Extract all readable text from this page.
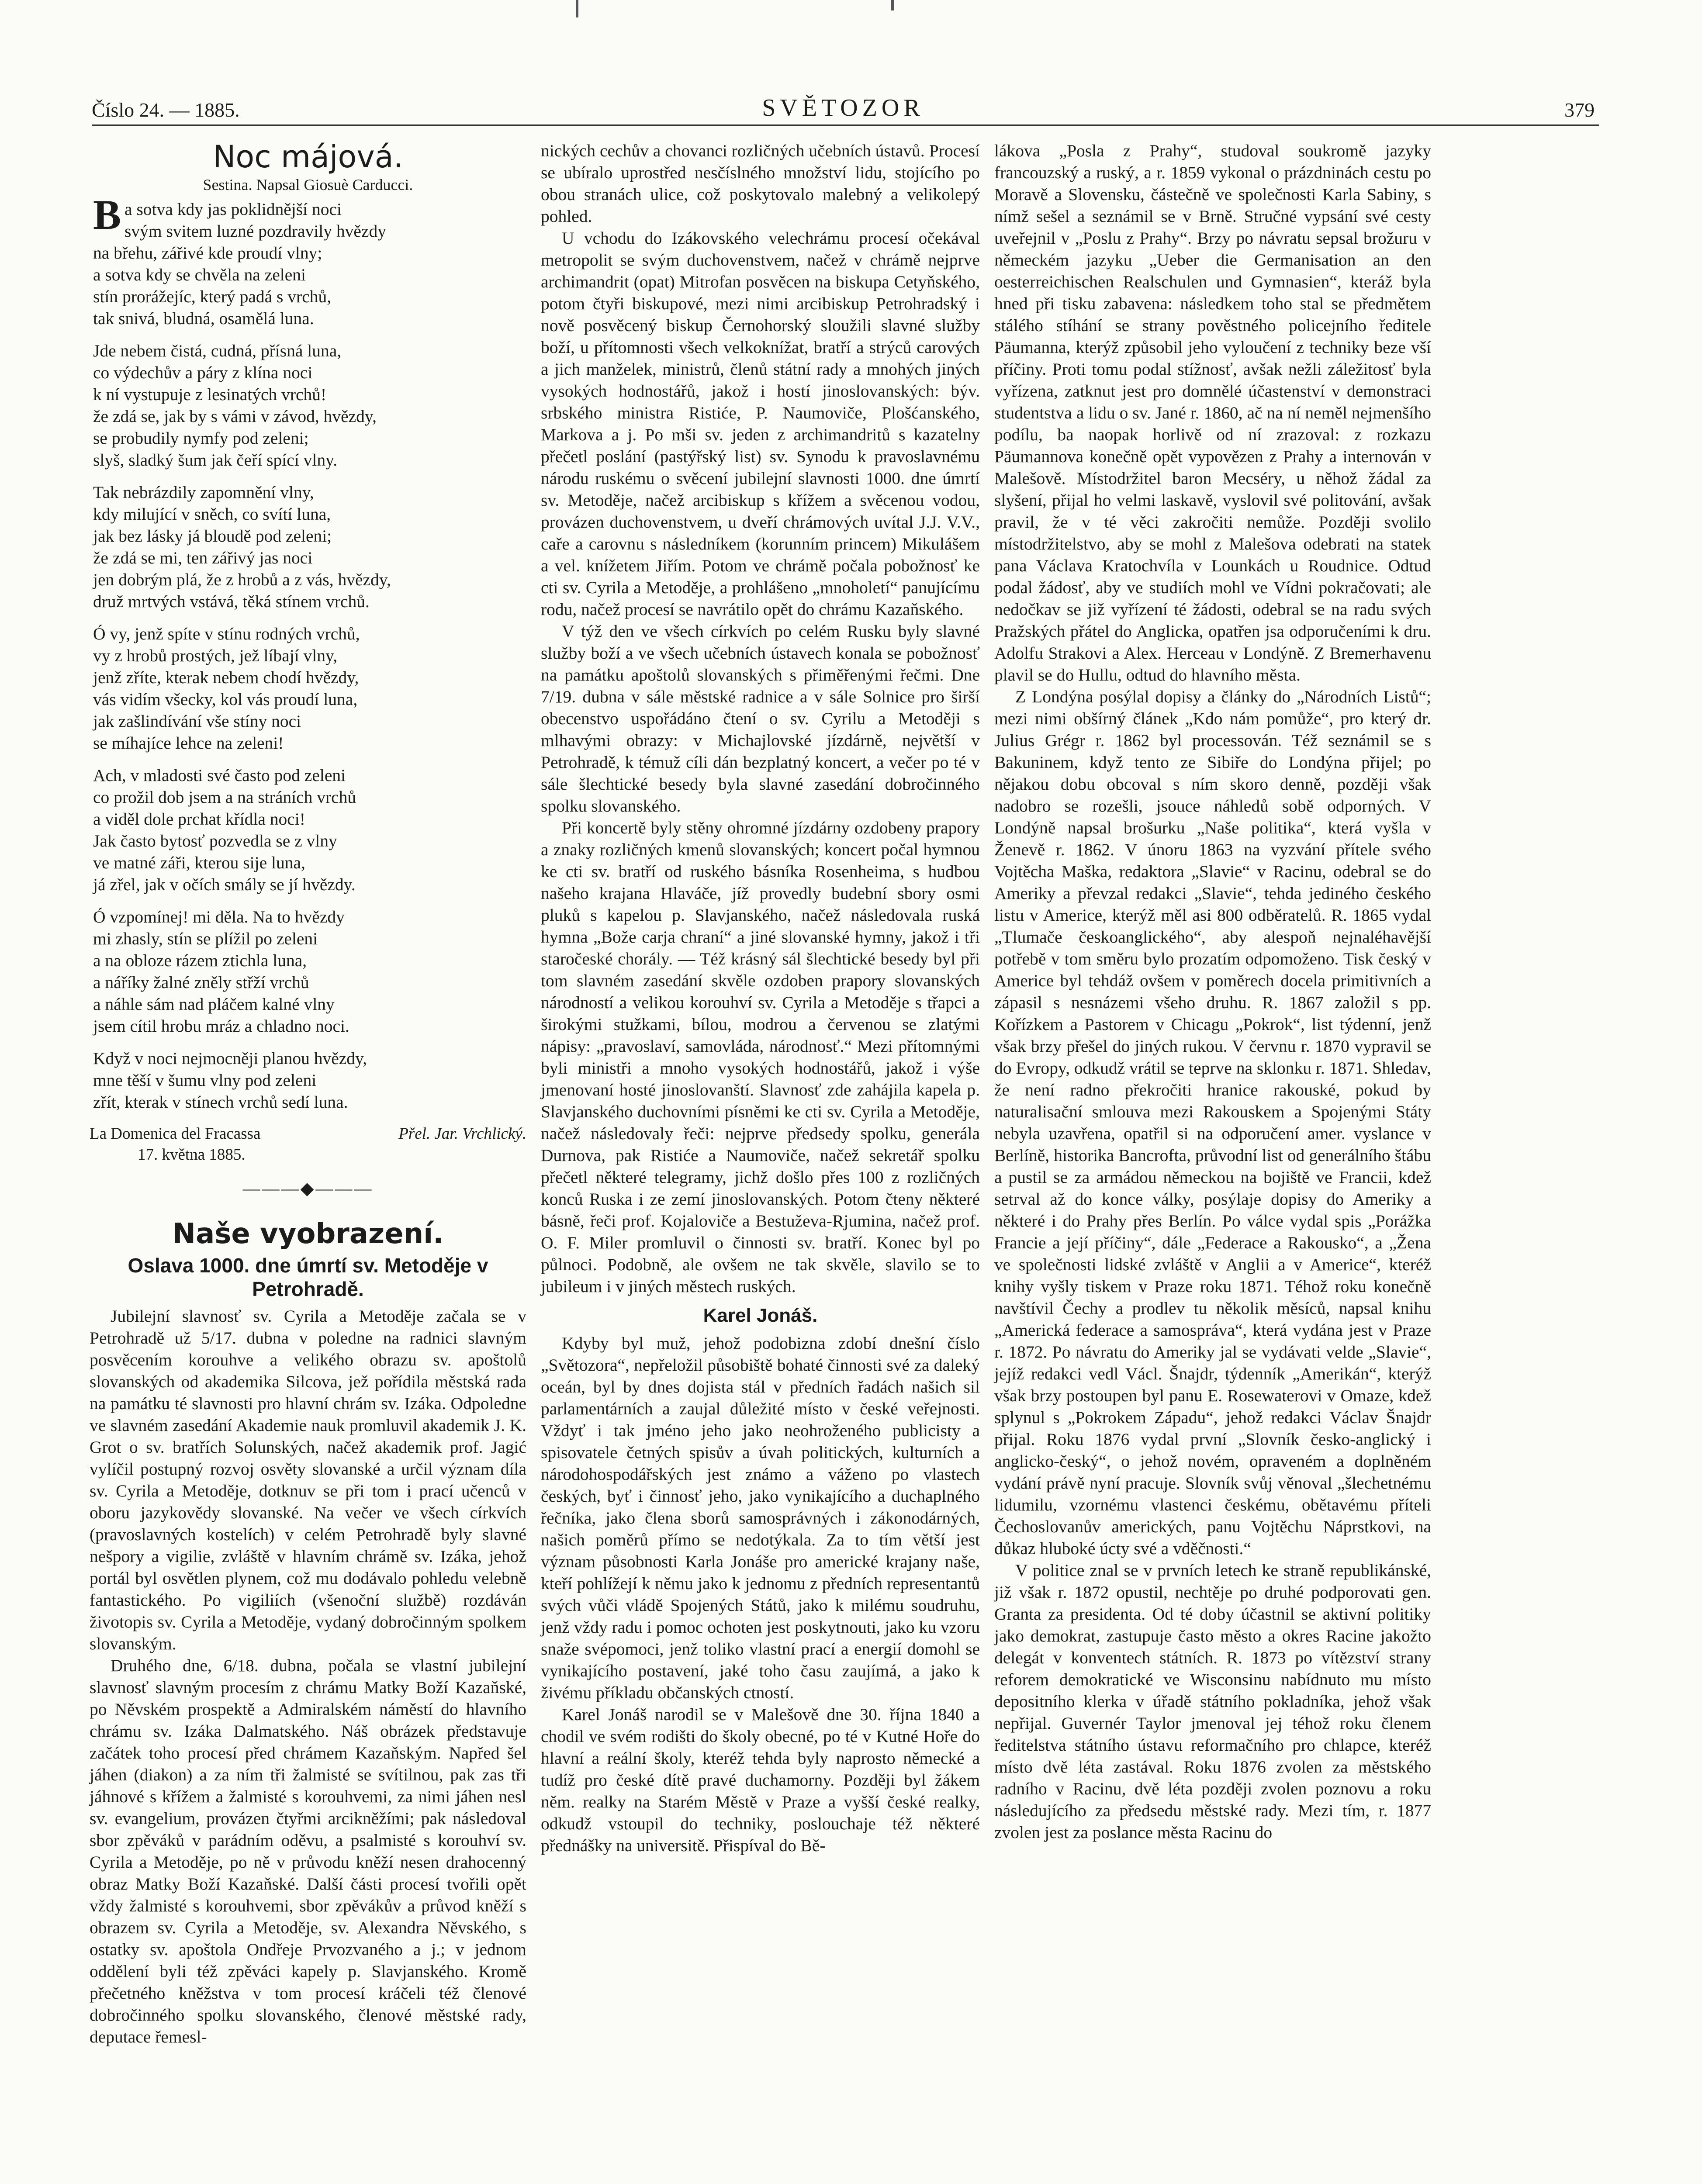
Číslo 24. — 1885.	SVĚTOZOR	379
Noc májová.
Sestina. Napsal Giosuè Carducci.
Ba sotva kdy jas poklidnější noci
svým svitem luzné pozdravily hvězdy
na břehu, zářivé kde proudí vlny;
a sotva kdy se chvěla na zeleni
stín prorážejíc, který padá s vrchů,
tak snivá, bludná, osamělá luna.
Jde nebem čistá, cudná, přísná luna,
co výdechův a páry z klína noci
k ní vystupuje z lesinatých vrchů!
že zdá se, jak by s vámi v závod, hvězdy,
se probudily nymfy pod zeleni;
slyš, sladký šum jak čeří spící vlny.
Tak nebrázdily zapomnění vlny,
kdy milující v sněch, co svítí luna,
jak bez lásky já bloudě pod zeleni;
že zdá se mi, ten zářivý jas noci
jen dobrým plá, že z hrobů a z vás, hvězdy,
druž mrtvých vstává, těká stínem vrchů.
Ó vy, jenž spíte v stínu rodných vrchů,
vy z hrobů prostých, jež líbají vlny,
jenž zříte, kterak nebem chodí hvězdy,
vás vidím všecky, kol vás proudí luna,
jak zašlindívání vše stíny noci
se míhajíce lehce na zeleni!
Ach, v mladosti své často pod zeleni
co prožil dob jsem a na stráních vrchů
a viděl dole prchat křídla noci!
Jak často bytosť pozvedla se z vlny
ve matné záři, kterou sije luna,
já zřel, jak v očích smály se jí hvězdy.
Ó vzpomínej! mi děla. Na to hvězdy
mi zhasly, stín se plížil po zeleni
a na obloze rázem ztichla luna,
a náříky žalné zněly střží vrchů
a náhle sám nad pláčem kalné vlny
jsem cítil hrobu mráz a chladno noci.
Když v noci nejmocněji planou hvězdy,
mne těší v šumu vlny pod zeleni
zřít, kterak v stínech vrchů sedí luna.
La Domenica del Fracassa	Přel. Jar. Vrchlický.
17. května 1885.
———◆———
Naše vyobrazení.
Oslava 1000. dne úmrtí sv. Metoděje v Petrohradě.

Jubilejní slavnosť sv. Cyrila a Metoděje začala se v Petrohradě už 5/17. dubna v poledne na radnici slavným posvěcením korouhve a velikého obrazu sv. apoštolů slovanských od akademika Silcova, jež pořídila městská rada na památku té slavnosti pro hlavní chrám sv. Izáka. Odpoledne ve slavném zasedání Akademie nauk promluvil akademik J. K. Grot o sv. bratřích Solunských, načež akademik prof. Jagić vylíčil postupný rozvoj osvěty slovanské a určil význam díla sv. Cyrila a Metoděje, dotknuv se při tom i prací učenců v oboru jazykovědy slovanské. Na večer ve všech církvích (pravoslavných kostelích) v celém Petrohradě byly slavné nešpory a vigilie, zvláště v hlavním chrámě sv. Izáka, jehož portál byl osvětlen plynem, což mu dodávalo pohledu velebně fantastického. Po vigiliích (všenoční službě) rozdáván životopis sv. Cyrila a Metoděje, vydaný dobročinným spolkem slovanským.

Druhého dne, 6/18. dubna, počala se vlastní jubilejní slavnosť slavným procesím z chrámu Matky Boží Kazaňské, po Něvském prospektě a Admiralském náměstí do hlavního chrámu sv. Izáka Dalmatského. Náš obrázek představuje začátek toho procesí před chrámem Kazaňským. Napřed šel jáhen (diakon) a za ním tři žalmisté se svítilnou, pak zas tři jáhnové s křížem a žalmisté s korouhvemi, za nimi jáhen nesl sv. evangelium, provázen čtyřmi arcikněžími; pak následoval sbor zpěváků v parádním oděvu, a psalmisté s korouhví sv. Cyrila a Metoděje, po ně v průvodu kněží nesen drahocenný obraz Matky Boží Kazaňské. Další části procesí tvořili opět vždy žalmisté s korouhvemi, sbor zpěvákův a průvod kněží s obrazem sv. Cyrila a Metoděje, sv. Alexandra Něvského, s ostatky sv. apoštola Ondřeje Prvozvaného a j.; v jednom oddělení byli též zpěváci kapely p. Slavjanského. Kromě přečetného kněžstva v tom procesí kráčeli též členové dobročinného spolku slovanského, členové městské rady, deputace řemesl-

nických cechův a chovanci rozličných učebních ústavů. Procesí se ubíralo uprostřed nesčíslného množství lidu, stojícího po obou stranách ulice, což poskytovalo malebný a velikolepý pohled.

U vchodu do Izákovského velechrámu procesí očekával metropolit se svým duchovenstvem, načež v chrámě nejprve archimandrit (opat) Mitrofan posvěcen na biskupa Cetyňského, potom čtyři biskupové, mezi nimi arcibiskup Petrohradský i nově posvěcený biskup Černohorský sloužili slavné služby boží, u přítomnosti všech velkoknížat, bratří a strýců carových a jich manželek, ministrů, členů státní rady a mnohých jiných vysokých hodnostářů, jakož i hostí jinoslovanských: býv. srbského ministra Ristiće, P. Naumoviče, Plošćanského, Markova a j. Po mši sv. jeden z archimandritů s kazatelny přečetl poslání (pastýřský list) sv. Synodu k pravoslavnému národu ruskému o svěcení jubilejní slavnosti 1000. dne úmrtí sv. Metoděje, načež arcibiskup s křížem a svěcenou vodou, provázen duchovenstvem, u dveří chrámových uvítal J.J. V.V., caře a carovnu s následníkem (korunním princem) Mikulášem a vel. knížetem Jiřím. Potom ve chrámě počala pobožnosť ke cti sv. Cyrila a Metoděje, a prohlášeno „mnoholetí“ panujícímu rodu, načež procesí se navrátilo opět do chrámu Kazaňského.

V týž den ve všech církvích po celém Rusku byly slavné služby boží a ve všech učebních ústavech konala se pobožnosť na památku apoštolů slovanských s přiměřenými řečmi. Dne 7/19. dubna v sále městské radnice a v sále Solnice pro širší obecenstvo uspořádáno čtení o sv. Cyrilu a Metoději s mlhavými obrazy: v Michajlovské jízdárně, největší v Petrohradě, k témuž cíli dán bezplatný koncert, a večer po té v sále šlechtické besedy byla slavné zasedání dobročinného spolku slovanského.

Při koncertě byly stěny ohromné jízdárny ozdobeny prapory a znaky rozličných kmenů slovanských; koncert počal hymnou ke cti sv. bratří od ruského básníka Rosenheima, s hudbou našeho krajana Hlaváče, jíž provedly budební sbory osmi pluků s kapelou p. Slavjanského, načež následovala ruská hymna „Bože carja chraní“ a jiné slovanské hymny, jakož i tři staročeské chorály. — Též krásný sál šlechtické besedy byl při tom slavném zasedání skvěle ozdoben prapory slovanských národností a velikou korouhví sv. Cyrila a Metoděje s třapci a širokými stužkami, bílou, modrou a červenou se zlatými nápisy: „pravoslaví, samovláda, národnosť.“ Mezi přítomnými byli ministři a mnoho vysokých hodnostářů, jakož i výše jmenovaní hosté jinoslovanští. Slavnosť zde zahájila kapela p. Slavjanského duchovními písněmi ke cti sv. Cyrila a Metoděje, načež následovaly řeči: nejprve předsedy spolku, generála Durnova, pak Ristiće a Naumoviče, načež sekretář spolku přečetl některé telegramy, jichž došlo přes 100 z rozličných konců Ruska i ze zemí jinoslovanských. Potom čteny některé básně, řeči prof. Kojaloviče a Bestuževa-Rjumina, načež prof. O. F. Miler promluvil o činnosti sv. bratří. Konec byl po půlnoci. Podobně, ale ovšem ne tak skvěle, slavilo se to jubileum i v jiných městech ruských.

Karel Jonáš.

Kdyby byl muž, jehož podobizna zdobí dnešní číslo „Světozora“, nepřeložil působiště bohaté činnosti své za daleký oceán, byl by dnes dojista stál v předních řadách našich sil parlamentárních a zaujal důležité místo v české veřejnosti. Vždyť i tak jméno jeho jako neohroženého publicisty a spisovatele četných spisův a úvah politických, kulturních a národohospodářských jest známo a váženo po vlastech českých, byť i činnosť jeho, jako vynikajícího a duchaplného řečníka, jako člena sborů samosprávných i zákonodárných, našich poměrů přímo se nedotýkala. Za to tím větší jest význam působnosti Karla Jonáše pro americké krajany naše, kteří pohlížejí k němu jako k jednomu z předních representantů svých vůči vládě Spojených Států, jako k milému soudruhu, jenž vždy radu i pomoc ochoten jest poskytnouti, jako ku vzoru snaže svépomoci, jenž toliko vlastní prací a energií domohl se vynikajícího postavení, jaké toho času zaujímá, a jako k živému příkladu občanských ctností.

Karel Jonáš narodil se v Malešově dne 30. října 1840 a chodil ve svém rodišti do školy obecné, po té v Kutné Hoře do hlavní a reální školy, kteréž tehda byly naprosto německé a tudíž pro české dítě pravé duchamorny. Později byl žákem něm. realky na Starém Městě v Praze a vyšší české realky, odkudž vstoupil do techniky, poslouchaje též některé přednášky na universitě. Přispíval do Bě-

lákova „Posla z Prahy“, studoval soukromě jazyky francouzský a ruský, a r. 1859 vykonal o prázdninách cestu po Moravě a Slovensku, částečně ve společnosti Karla Sabiny, s nímž sešel a seznámil se v Brně. Stručné vypsání své cesty uveřejnil v „Poslu z Prahy“. Brzy po návratu sepsal brožuru v německém jazyku „Ueber die Germanisation an den oesterreichischen Realschulen und Gymnasien“, kteráž byla hned při tisku zabavena: následkem toho stal se předmětem stálého stíhání se strany pověstného policejního ředitele Päumanna, kterýž způsobil jeho vyloučení z techniky beze vší příčiny. Proti tomu podal stížnosť, avšak nežli záležitosť byla vyřízena, zatknut jest pro domnělé účastenství v demonstraci studentstva a lidu o sv. Jané r. 1860, ač na ní neměl nejmenšího podílu, ba naopak horlivě od ní zrazoval: z rozkazu Päumannova konečně opět vypovězen z Prahy a internován v Malešově. Místodržitel baron Mecséry, u něhož žádal za slyšení, přijal ho velmi laskavě, vyslovil své politování, avšak pravil, že v té věci zakročiti nemůže. Později svolilo místodržitelstvo, aby se mohl z Malešova odebrati na statek pana Václava Kratochvíla v Lounkách u Roudnice. Odtud podal žádosť, aby ve studiích mohl ve Vídni pokračovati; ale nedočkav se již vyřízení té žádosti, odebral se na radu svých Pražských přátel do Anglicka, opatřen jsa odporučeními k dru. Adolfu Strakovi a Alex. Herceau v Londýně. Z Bremerhavenu plavil se do Hullu, odtud do hlavního města.

Z Londýna posýlal dopisy a články do „Národních Listů“; mezi nimi obšírný článek „Kdo nám pomůže“, pro který dr. Julius Grégr r. 1862 byl processován. Též seznámil se s Bakuninem, když tento ze Sibiře do Londýna přijel; po nějakou dobu obcoval s ním skoro denně, později však nadobro se rozešli, jsouce náhledů sobě odporných. V Londýně napsal brošurku „Naše politika“, která vyšla v Ženevě r. 1862. V únoru 1863 na vyzvání přítele svého Vojtěcha Maška, redaktora „Slavie“ v Racinu, odebral se do Ameriky a převzal redakci „Slavie“, tehda jediného českého listu v Americe, kterýž měl asi 800 odběratelů. R. 1865 vydal „Tlumače českoanglického“, aby alespoň nejnaléhavější potřebě v tom směru bylo prozatím odpomoženo. Tisk český v Americe byl tehdáž ovšem v poměrech docela primitivních a zápasil s nesnázemi všeho druhu. R. 1867 založil s pp. Kořízkem a Pastorem v Chicagu „Pokrok“, list týdenní, jenž však brzy přešel do jiných rukou. V červnu r. 1870 vypravil se do Evropy, odkudž vrátil se teprve na sklonku r. 1871. Shledav, že není radno překročiti hranice rakouské, pokud by naturalisační smlouva mezi Rakouskem a Spojenými Státy nebyla uzavřena, opatřil si na odporučení amer. vyslance v Berlíně, historika Bancrofta, průvodní list od generálního štábu a pustil se za armádou německou na bojiště ve Francii, kdež setrval až do konce války, posýlaje dopisy do Ameriky a některé i do Prahy přes Berlín. Po válce vydal spis „Porážka Francie a její příčiny“, dále „Federace a Rakousko“, a „Žena ve společnosti lidské zvláště v Anglii a v Americe“, kteréž knihy vyšly tiskem v Praze roku 1871. Téhož roku konečně navštívil Čechy a prodlev tu několik měsíců, napsal knihu „Americká federace a samospráva“, která vydána jest v Praze r. 1872. Po návratu do Ameriky jal se vydávati velde „Slavie“, jejíž redakci vedl Václ. Šnajdr, týdenník „Amerikán“, kterýž však brzy postoupen byl panu E. Rosewaterovi v Omaze, kdež splynul s „Pokrokem Západu“, jehož redakci Václav Šnajdr přijal. Roku 1876 vydal první „Slovník česko-anglický i anglicko-český“, o jehož novém, opraveném a doplněném vydání právě nyní pracuje. Slovník svůj věnoval „šlechetnému lidumilu, vzornému vlastenci českému, obětavému příteli Čechoslovanův amerických, panu Vojtěchu Náprstkovi, na důkaz hluboké úcty své a vděčnosti.“

V politice znal se v prvních letech ke straně republikánské, již však r. 1872 opustil, nechtěje po druhé podporovati gen. Granta za presidenta. Od té doby účastnil se aktivní politiky jako demokrat, zastupuje často město a okres Racine jakožto delegát v konventech státních. R. 1873 po vítězství strany reforem demokratické ve Wisconsinu nabídnuto mu místo depositního klerka v úřadě státního pokladníka, jehož však nepřijal. Guvernér Taylor jmenoval jej téhož roku členem ředitelstva státního ústavu reformačního pro chlapce, kteréž místo dvě léta zastával. Roku 1876 zvolen za městského radního v Racinu, dvě léta později zvolen poznovu a roku následujícího za předsedu městské rady. Mezi tím, r. 1877 zvolen jest za poslance města Racinu do
